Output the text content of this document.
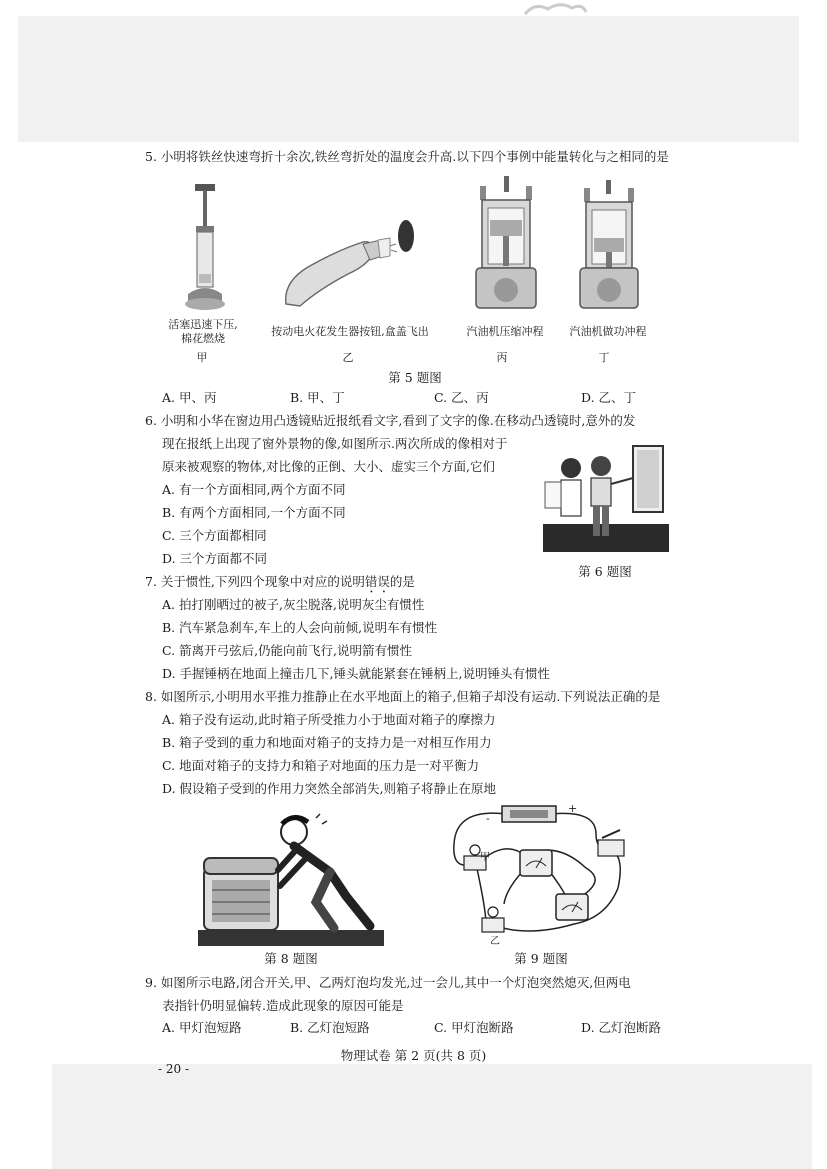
5. 小明将铁丝快速弯折十余次,铁丝弯折处的温度会升高.以下四个事例中能量转化与之相同的是
活塞迅速下压,
棉花燃烧
甲
按动电火花发生器按钮,盒盖飞出
乙
汽油机压缩冲程
丙
汽油机做功冲程
丁
第 5 题图
A. 甲、丙	B. 甲、丁	C. 乙、丙	D. 乙、丁
6. 小明和小华在窗边用凸透镜贴近报纸看文字,看到了文字的像.在移动凸透镜时,意外的发
现在报纸上出现了窗外景物的像,如图所示.两次所成的像相对于
原来被观察的物体,对比像的正倒、大小、虚实三个方面,它们
A. 有一个方面相同,两个方面不同
B. 有两个方面相同,一个方面不同
C. 三个方面都相同
D. 三个方面都不同
第 6 题图
7. 关于惯性,下列四个现象中对应的说明错误的是
A. 拍打刚晒过的被子,灰尘脱落,说明灰尘有惯性
B. 汽车紧急刹车,车上的人会向前倾,说明车有惯性
C. 箭离开弓弦后,仍能向前飞行,说明箭有惯性
D. 手握锤柄在地面上撞击几下,锤头就能紧套在锤柄上,说明锤头有惯性
8. 如图所示,小明用水平推力推静止在水平地面上的箱子,但箱子却没有运动.下列说法正确的是
A. 箱子没有运动,此时箱子所受推力小于地面对箱子的摩擦力
B. 箱子受到的重力和地面对箱子的支持力是一对相互作用力
C. 地面对箱子的支持力和箱子对地面的压力是一对平衡力
D. 假设箱子受到的作用力突然全部消失,则箱子将静止在原地
第 8 题图
-
+
甲
乙
第 9 题图
9. 如图所示电路,闭合开关,甲、乙两灯泡均发光,过一会儿,其中一个灯泡突然熄灭,但两电
表指针仍明显偏转.造成此现象的原因可能是
A. 甲灯泡短路	B. 乙灯泡短路	C. 甲灯泡断路	D. 乙灯泡断路
物理试卷 第 2 页(共 8 页)
- 20 -
